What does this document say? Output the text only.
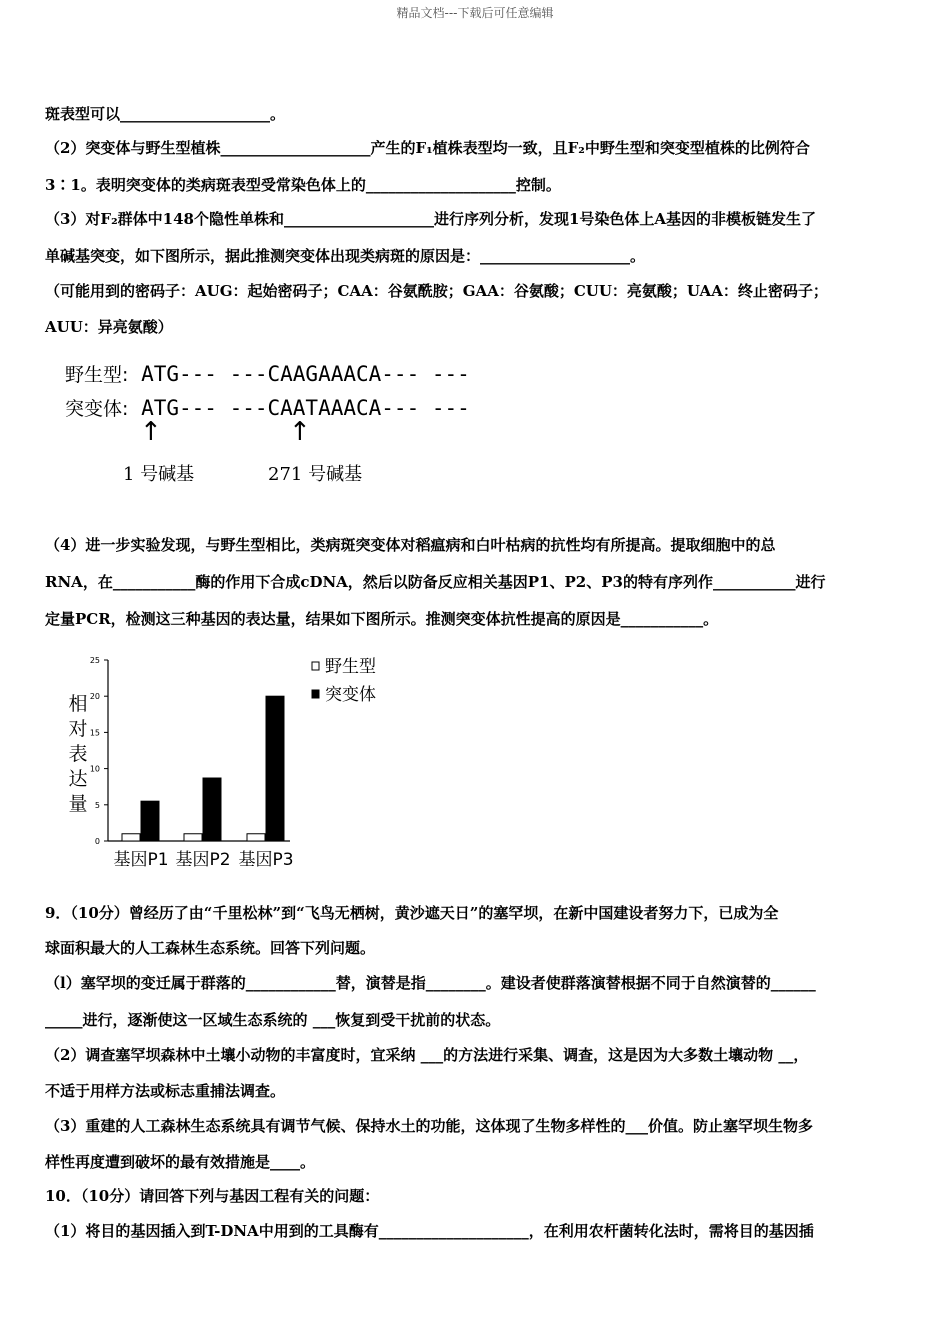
精品文档---下载后可任意编辑
斑表型可以____________________。
（2）突变体与野生型植株____________________产生的F₁植株表型均一致，且F₂中野生型和突变型植株的比例符合
3∶1。表明突变体的类病斑表型受常染色体上的____________________控制。
（3）对F₂群体中148个隐性单株和____________________进行序列分析，发现1号染色体上A基因的非模板链发生了
单碱基突变，如下图所示，据此推测突变体出现类病斑的原因是：____________________。
（可能用到的密码子：AUG：起始密码子；CAA：谷氨酰胺；GAA：谷氨酸；CUU：亮氨酸；UAA：终止密码子；
AUU：异亮氨酸）
野生型: ATG--- ---CAAGAAACA--- ---
突变体: ATG--- ---CAATAAACA--- ---
↑	↑
1 号碱基	271 号碱基
（4）进一步实验发现，与野生型相比，类病斑突变体对稻瘟病和白叶枯病的抗性均有所提高。提取细胞中的总
RNA，在___________酶的作用下合成cDNA，然后以防备反应相关基因P1、P2、P3的特有序列作___________进行
定量PCR，检测这三种基因的表达量，结果如下图所示。推测突变体抗性提高的原因是___________。
0
5
10
15
20
25
相
对
表
达
量
基因P1 基因P2 基因P3
野生型
突变体
9．（10分）曾经历了由“千里松林”到“飞鸟无栖树，黄沙遮天日”的塞罕坝，在新中国建设者努力下，已成为全
球面积最大的人工森林生态系统。回答下列问题。
（l）塞罕坝的变迁属于群落的____________替，演替是指________。建设者使群落演替根据不同于自然演替的______
_____进行，逐渐使这一区域生态系统的 ___恢复到受干扰前的状态。
（2）调查塞罕坝森林中土壤小动物的丰富度时，宜采纳 ___的方法进行采集、调查，这是因为大多数土壤动物 __，
不适于用样方法或标志重捕法调查。
（3）重建的人工森林生态系统具有调节气候、保持水土的功能，这体现了生物多样性的___价值。防止塞罕坝生物多
样性再度遭到破坏的最有效措施是____。
10．（10分）请回答下列与基因工程有关的问题：
（1）将目的基因插入到T-DNA中用到的工具酶有____________________，在利用农杆菌转化法时，需将目的基因插
